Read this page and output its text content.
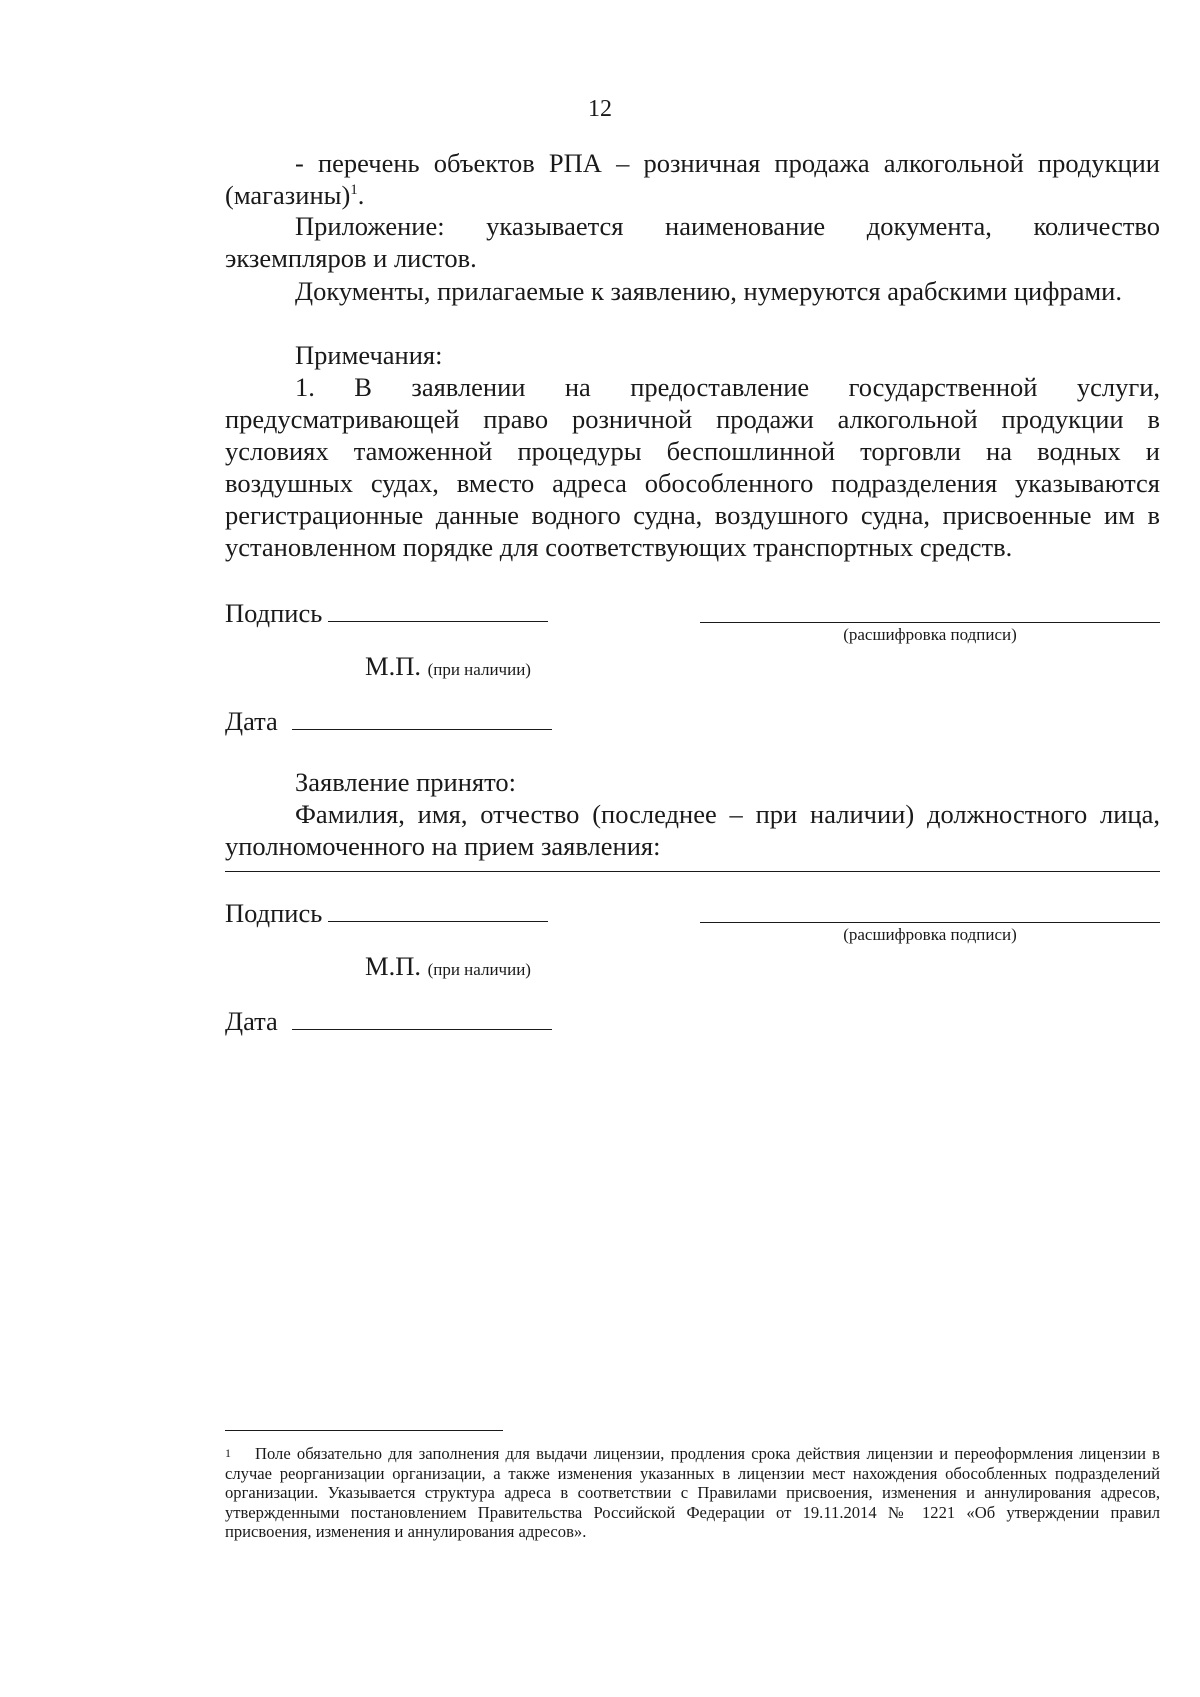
12

- перечень объектов РПА – розничная продажа алкогольной продукции (магазины)$^1$.

Приложение: указывается наименование документа, количество экземпляров и листов.

Документы, прилагаемые к заявлению, нумеруются арабскими цифрами.

Примечания:

1. В заявлении на предоставление государственной услуги, предусматривающей право розничной продажи алкогольной продукции в условиях таможенной процедуры беспошлинной торговли на водных и воздушных судах, вместо адреса обособленного подразделения указываются регистрационные данные водного судна, воздушного судна, присвоенные им в установленном порядке для соответствующих транспортных средств.

Подпись
(расшифровка подписи)

М.П. (при наличии)

Дата

Заявление принято:

Фамилия, имя, отчество (последнее – при наличии) должностного лица, уполномоченного на прием заявления:

Подпись
(расшифровка подписи)

М.П. (при наличии)

Дата

1 Поле обязательно для заполнения для выдачи лицензии, продления срока действия лицензии и переоформления лицензии в случае реорганизации организации, а также изменения указанных в лицензии мест нахождения обособленных подразделений организации. Указывается структура адреса в соответствии с Правилами присвоения, изменения и аннулирования адресов, утвержденными постановлением Правительства Российской Федерации от 19.11.2014 № 1221 «Об утверждении правил присвоения, изменения и аннулирования адресов».
